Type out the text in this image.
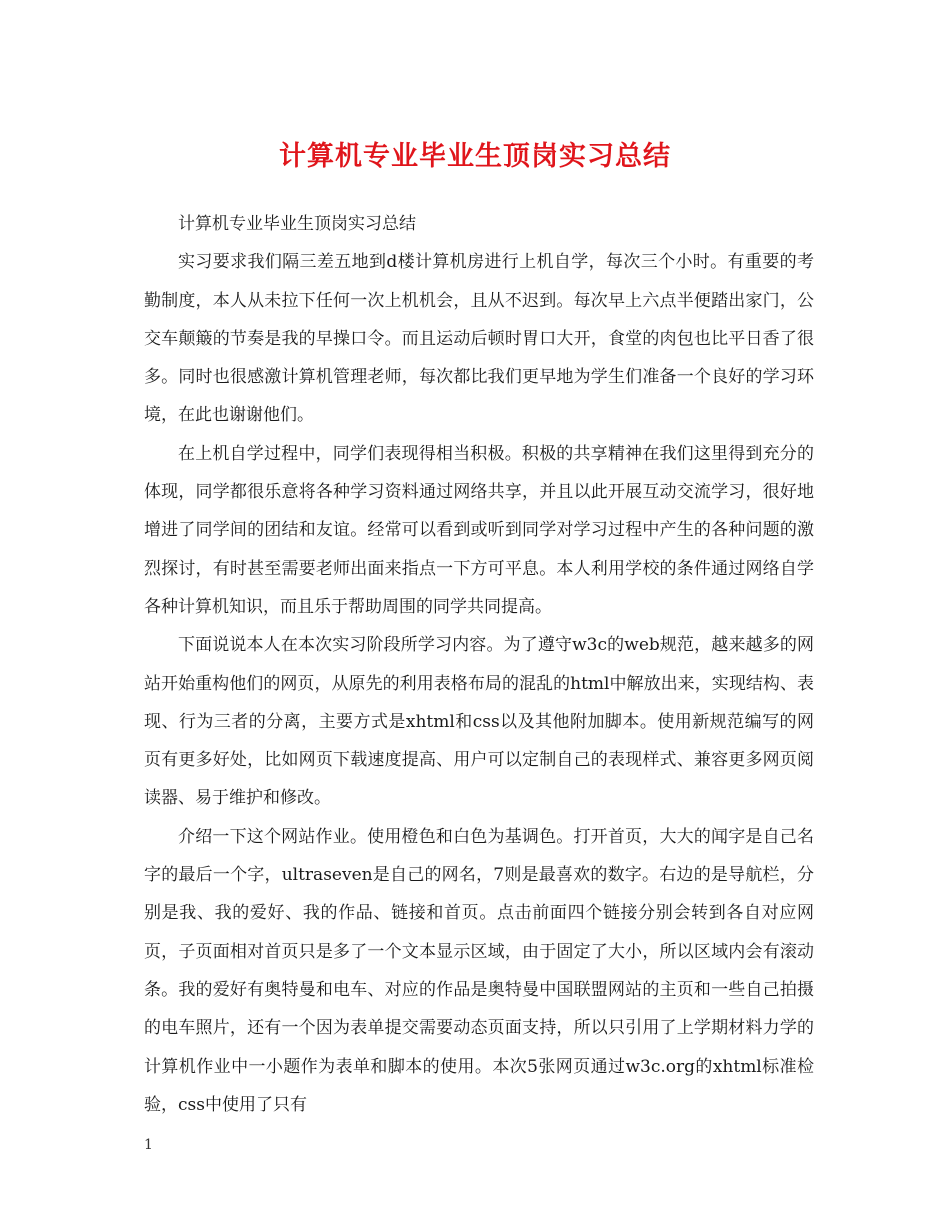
计算机专业毕业生顶岗实习总结

计算机专业毕业生顶岗实习总结

实习要求我们隔三差五地到d楼计算机房进行上机自学，每次三个小时。有重要的考勤制度，本人从未拉下任何一次上机机会，且从不迟到。每次早上六点半便踏出家门，公交车颠簸的节奏是我的早操口令。而且运动后顿时胃口大开，食堂的肉包也比平日香了很多。同时也很感激计算机管理老师，每次都比我们更早地为学生们准备一个良好的学习环境，在此也谢谢他们。

在上机自学过程中，同学们表现得相当积极。积极的共享精神在我们这里得到充分的体现，同学都很乐意将各种学习资料通过网络共享，并且以此开展互动交流学习，很好地增进了同学间的团结和友谊。经常可以看到或听到同学对学习过程中产生的各种问题的激烈探讨，有时甚至需要老师出面来指点一下方可平息。本人利用学校的条件通过网络自学各种计算机知识，而且乐于帮助周围的同学共同提高。

下面说说本人在本次实习阶段所学习内容。为了遵守w3c的web规范，越来越多的网站开始重构他们的网页，从原先的利用表格布局的混乱的html中解放出来，实现结构、表现、行为三者的分离，主要方式是xhtml和css以及其他附加脚本。使用新规范编写的网页有更多好处，比如网页下载速度提高、用户可以定制自己的表现样式、兼容更多网页阅读器、易于维护和修改。

介绍一下这个网站作业。使用橙色和白色为基调色。打开首页，大大的闻字是自己名字的最后一个字，ultraseven是自己的网名，7则是最喜欢的数字。右边的是导航栏，分别是我、我的爱好、我的作品、链接和首页。点击前面四个链接分别会转到各自对应网页，子页面相对首页只是多了一个文本显示区域，由于固定了大小，所以区域内会有滚动条。我的爱好有奥特曼和电车、对应的作品是奥特曼中国联盟网站的主页和一些自己拍摄的电车照片，还有一个因为表单提交需要动态页面支持，所以只引用了上学期材料力学的计算机作业中一小题作为表单和脚本的使用。本次5张网页通过w3c.org的xhtml标准检验，css中使用了只有

1
